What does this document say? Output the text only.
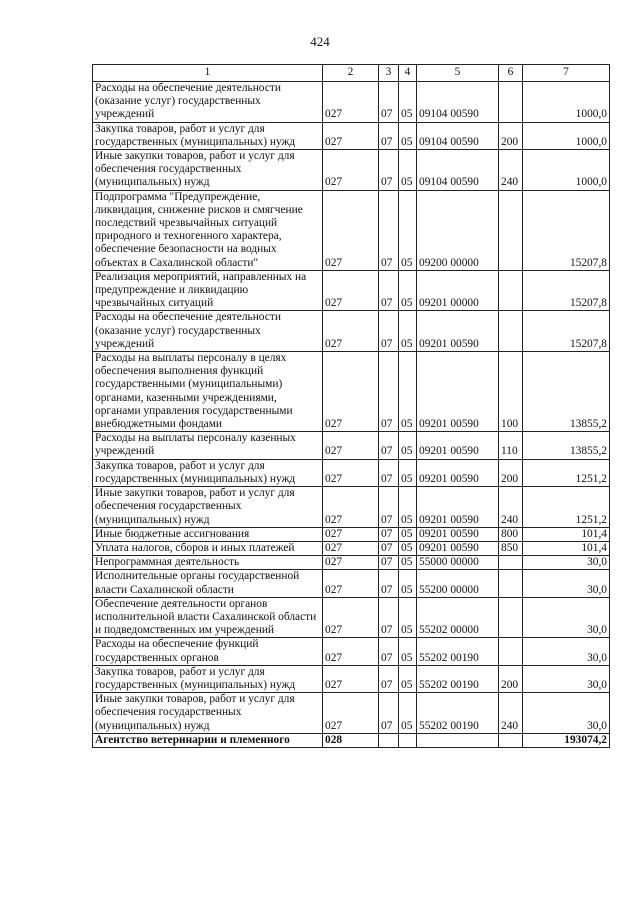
424
1	2	3	4	5	6	7
Расходы на обеспечение деятельности (оказание услуг) государственных учреждений	027	07	05	09104 00590		1000,0
Закупка товаров, работ и услуг для государственных (муниципальных) нужд	027	07	05	09104 00590	200	1000,0
Иные закупки товаров, работ и услуг для обеспечения государственных (муниципальных) нужд	027	07	05	09104 00590	240	1000,0
Подпрограмма "Предупреждение, ликвидация, снижение рисков и смягчение последствий чрезвычайных ситуаций природного и техногенного характера, обеспечение безопасности на водных объектах в Сахалинской области"	027	07	05	09200 00000		15207,8
Реализация мероприятий, направленных на предупреждение и ликвидацию чрезвычайных ситуаций	027	07	05	09201 00000		15207,8
Расходы на обеспечение деятельности (оказание услуг) государственных учреждений	027	07	05	09201 00590		15207,8
Расходы на выплаты персоналу в целях обеспечения выполнения функций государственными (муниципальными) органами, казенными учреждениями, органами управления государственными внебюджетными фондами	027	07	05	09201 00590	100	13855,2
Расходы на выплаты персоналу казенных учреждений	027	07	05	09201 00590	110	13855,2
Закупка товаров, работ и услуг для государственных (муниципальных) нужд	027	07	05	09201 00590	200	1251,2
Иные закупки товаров, работ и услуг для обеспечения государственных (муниципальных) нужд	027	07	05	09201 00590	240	1251,2
Иные бюджетные ассигнования	027	07	05	09201 00590	800	101,4
Уплата налогов, сборов и иных платежей	027	07	05	09201 00590	850	101,4
Непрограммная деятельность	027	07	05	55000 00000		30,0
Исполнительные органы государственной власти Сахалинской области	027	07	05	55200 00000		30,0
Обеспечение деятельности органов исполнительной власти Сахалинской области и подведомственных им учреждений	027	07	05	55202 00000		30,0
Расходы на обеспечение функций государственных органов	027	07	05	55202 00190		30,0
Закупка товаров, работ и услуг для государственных (муниципальных) нужд	027	07	05	55202 00190	200	30,0
Иные закупки товаров, работ и услуг для обеспечения государственных (муниципальных) нужд	027	07	05	55202 00190	240	30,0
Агентство ветеринарии и племенного	028					193074,2
